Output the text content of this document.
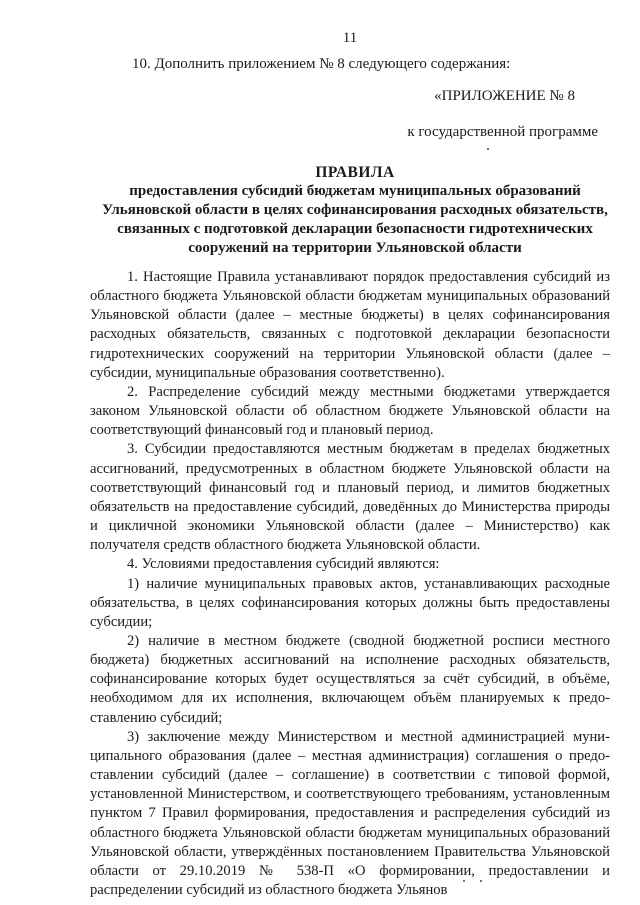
11
10. Дополнить приложением № 8 следующего содержания:
«ПРИЛОЖЕНИЕ № 8
к государственной программе
ПРАВИЛА
предоставления субсидий бюджетам муниципальных образований Ульяновской области в целях софинансирования расходных обязательств, связанных с подготовкой декларации безопасности гидротехнических сооружений на территории Ульяновской области

1. Настоящие Правила устанавливают порядок предоставления субсидий из областного бюджета Ульяновской области бюджетам муниципальных образований Ульяновской области (далее – местные бюджеты) в целях софинансирования расходных обязательств, связанных с подготовкой декларации безопасности гидротехнических сооружений на территории Ульяновской области (далее – субсидии, муниципальные образования соответственно).

2. Распределение субсидий между местными бюджетами утверждается законом Ульяновской области об областном бюджете Ульяновской области на соответствующий финансовый год и плановый период.

3. Субсидии предоставляются местным бюджетам в пределах бюджетных ассигнований, предусмотренных в областном бюджете Ульяновской области на соответствующий финансовый год и плановый период, и лимитов бюджетных обязательств на предоставление субсидий, доведённых до Министерства природы и цикличной экономики Ульяновской области (далее – Министерство) как получателя средств областного бюджета Ульяновской области.

4. Условиями предоставления субсидий являются:

1) наличие муниципальных правовых актов, устанавливающих расходные обязательства, в целях софинансирования которых должны быть предоставлены субсидии;

2) наличие в местном бюджете (сводной бюджетной росписи местного бюджета) бюджетных ассигнований на исполнение расходных обязательств, софинансирование которых будет осуществляться за счёт субсидий, в объёме, необходимом для их исполнения, включающем объём планируемых к предоставлению субсидий;

3) заключение между Министерством и местной администрацией муниципального образования (далее – местная администрация) соглашения о предоставлении субсидий (далее – соглашение) в соответствии с типовой формой, установленной Министерством, и соответствующего требованиям, установленным пунктом 7 Правил формирования, предоставления и распределения субсидий из областного бюджета Ульяновской области бюджетам муниципальных образований Ульяновской области, утверждённых постановлением Правительства Ульяновской области от 29.10.2019 № 538-П «О формировании, предоставлении и распределении субсидий из областного бюджета Ульянов
